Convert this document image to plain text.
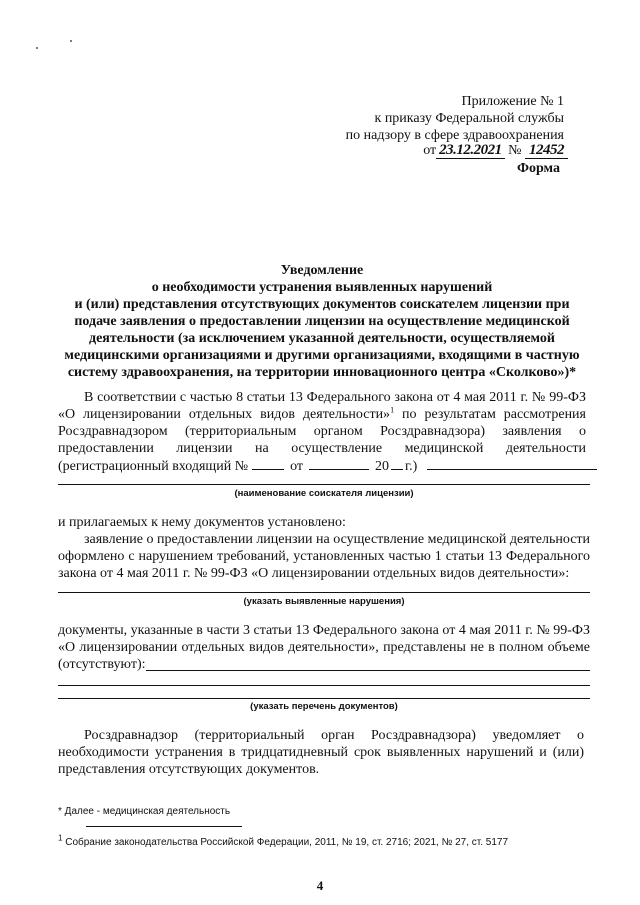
Приложение № 1
к приказу Федеральной службы
по надзору в сфере здравоохранения
от 23.12.2021 № 12452
Форма
Уведомление
о необходимости устранения выявленных нарушений
и (или) представления отсутствующих документов соискателем лицензии при
подаче заявления о предоставлении лицензии на осуществление медицинской
деятельности (за исключением указанной деятельности, осуществляемой
медицинскими организациями и другими организациями, входящими в частную
систему здравоохранения, на территории инновационного центра «Сколково»)*
В соответствии с частью 8 статьи 13 Федерального закона от 4 мая 2011 г. № 99-ФЗ
«О лицензировании отдельных видов деятельности»$^1$ по результатам рассмотрения
Росздравнадзором (территориальным органом Росздравнадзора) заявления о
предоставлении лицензии на осуществление медицинской деятельности
(регистрационный входящий №	от	20 г.)
(наименование соискателя лицензии)
и прилагаемых к нему документов установлено:
заявление о предоставлении лицензии на осуществление медицинской деятельности
оформлено с нарушением требований, установленных частью 1 статьи 13 Федерального
закона от 4 мая 2011 г. № 99-ФЗ «О лицензировании отдельных видов деятельности»:
(указать выявленные нарушения)
документы, указанные в части 3 статьи 13 Федерального закона от 4 мая 2011 г. № 99-ФЗ
«О лицензировании отдельных видов деятельности», представлены не в полном объеме
(отсутствуют):
(указать перечень документов)
Росздравнадзор (территориальный орган Росздравнадзора) уведомляет о
необходимости устранения в тридцатидневный срок выявленных нарушений и (или)
представления отсутствующих документов.
* Далее - медицинская деятельность
$^1$ Собрание законодательства Российской Федерации, 2011, № 19, ст. 2716; 2021, № 27, ст. 5177
4
